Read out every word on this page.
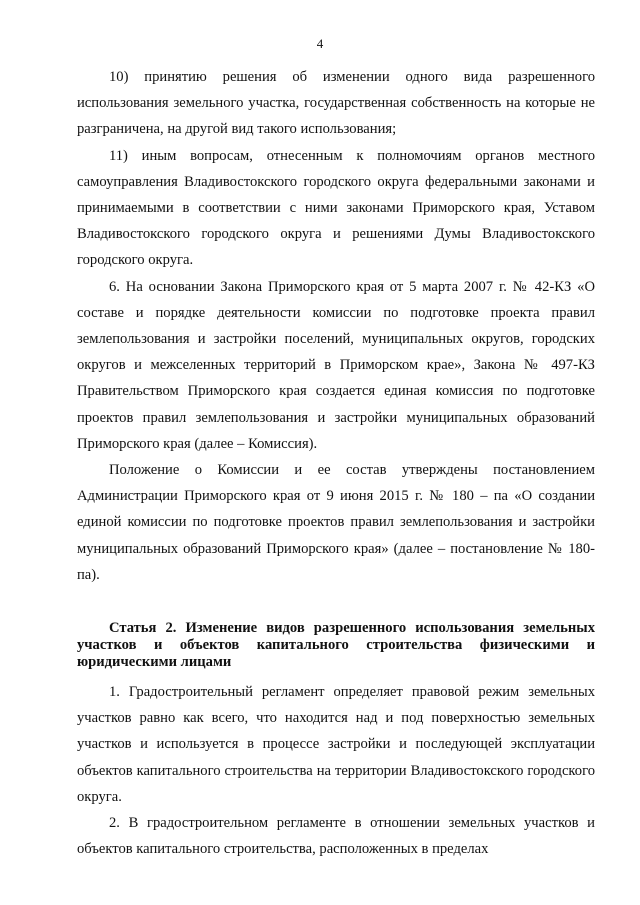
4

10) принятию решения об изменении одного вида разрешенного использования земельного участка, государственная собственность на которые не разграничена, на другой вид такого использования;

11) иным вопросам, отнесенным к полномочиям органов местного самоуправления Владивостокского городского округа федеральными законами и принимаемыми в соответствии с ними законами Приморского края, Уставом Владивостокского городского округа и решениями Думы Владивостокского городского округа.

6. На основании Закона Приморского края от 5 марта 2007 г. № 42-КЗ «О составе и порядке деятельности комиссии по подготовке проекта правил землепользования и застройки поселений, муниципальных округов, городских округов и межселенных территорий в Приморском крае», Закона № 497-КЗ Правительством Приморского края создается единая комиссия по подготовке проектов правил землепользования и застройки муниципальных образований Приморского края (далее – Комиссия).

Положение о Комиссии и ее состав утверждены постановлением Администрации Приморского края от 9 июня 2015 г. № 180 – па «О создании единой комиссии по подготовке проектов правил землепользования и застройки муниципальных образований Приморского края» (далее – постановление № 180-па).

Статья 2. Изменение видов разрешенного использования земельных участков и объектов капитального строительства физическими и юридическими лицами

1. Градостроительный регламент определяет правовой режим земельных участков равно как всего, что находится над и под поверхностью земельных участков и используется в процессе застройки и последующей эксплуатации объектов капитального строительства на территории Владивостокского городского округа.

2. В градостроительном регламенте в отношении земельных участков и объектов капитального строительства, расположенных в пределах
